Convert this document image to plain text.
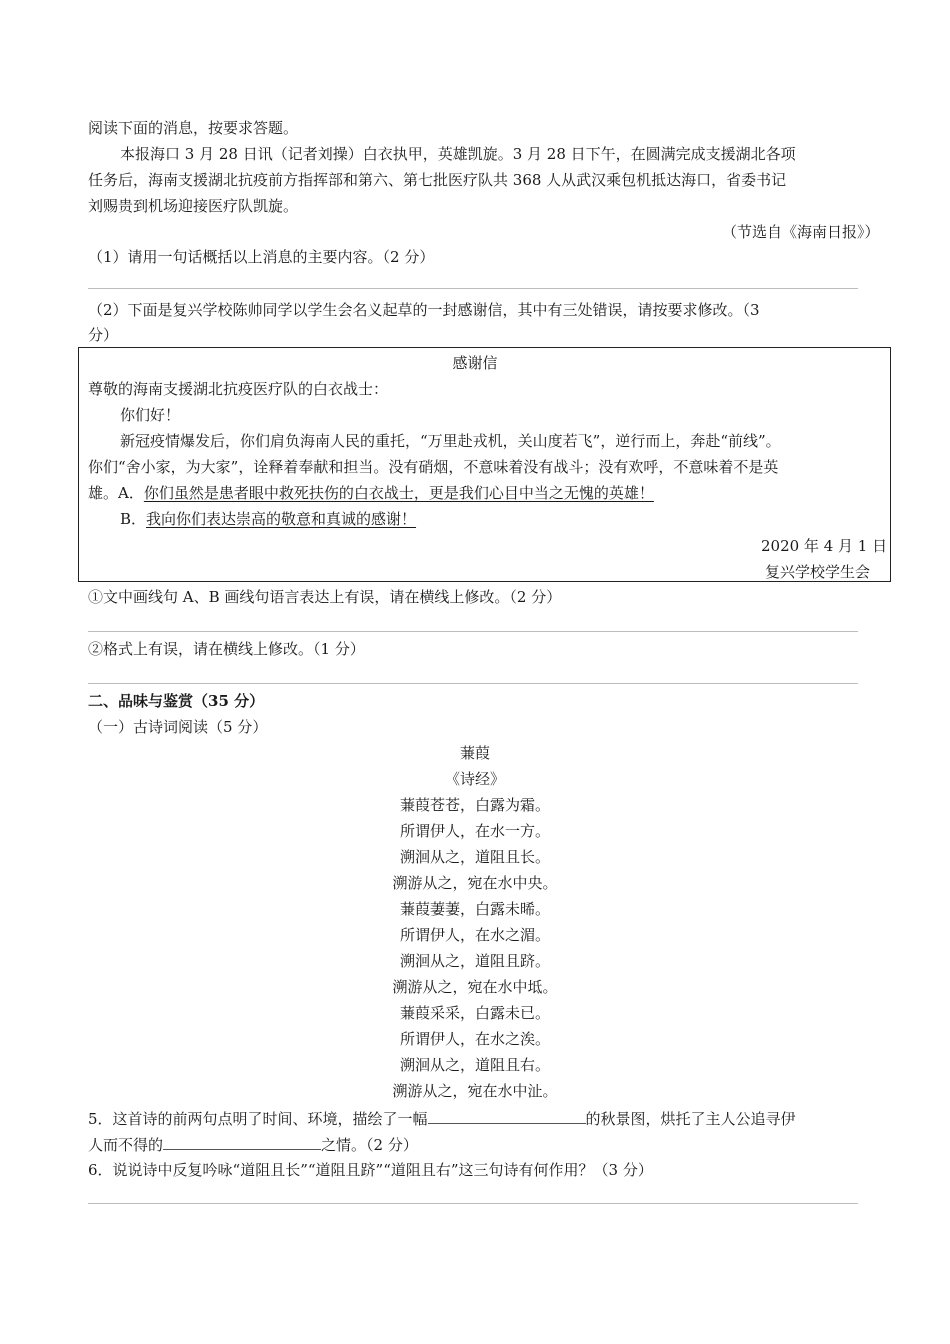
阅读下面的消息，按要求答题。
本报海口 3 月 28 日讯（记者刘操）白衣执甲，英雄凯旋。3 月 28 日下午，在圆满完成支援湖北各项
任务后，海南支援湖北抗疫前方指挥部和第六、第七批医疗队共 368 人从武汉乘包机抵达海口，省委书记
刘赐贵到机场迎接医疗队凯旋。
（节选自《海南日报》）
（1）请用一句话概括以上消息的主要内容。（2 分）
（2）下面是复兴学校陈帅同学以学生会名义起草的一封感谢信，其中有三处错误，请按要求修改。（3
分）
感谢信
尊敬的海南支援湖北抗疫医疗队的白衣战士：
你们好！
新冠疫情爆发后，你们肩负海南人民的重托，“万里赴戎机，关山度若飞”，逆行而上，奔赴“前线”。
你们“舍小家，为大家”，诠释着奉献和担当。没有硝烟，不意味着没有战斗；没有欢呼，不意味着不是英
雄。A．你们虽然是患者眼中救死扶伤的白衣战士，更是我们心目中当之无愧的英雄！
B．我向你们表达崇高的敬意和真诚的感谢！
2020 年 4 月 1 日
复兴学校学生会
①文中画线句 A、B 画线句语言表达上有误，请在横线上修改。（2 分）
②格式上有误，请在横线上修改。（1 分）
二、品味与鉴赏（35 分）
（一）古诗词阅读（5 分）
蒹葭
《诗经》
蒹葭苍苍，白露为霜。
所谓伊人，在水一方。
溯洄从之，道阻且长。
溯游从之，宛在水中央。
蒹葭萋萋，白露未晞。
所谓伊人，在水之湄。
溯洄从之，道阻且跻。
溯游从之，宛在水中坻。
蒹葭采采，白露未已。
所谓伊人，在水之涘。
溯洄从之，道阻且右。
溯游从之，宛在水中沚。
5．这首诗的前两句点明了时间、环境，描绘了一幅	的秋景图，烘托了主人公追寻伊
人而不得的	之情。（2 分）
6．说说诗中反复吟咏“道阻且长”“道阻且跻”“道阻且右”这三句诗有何作用？（3 分）
